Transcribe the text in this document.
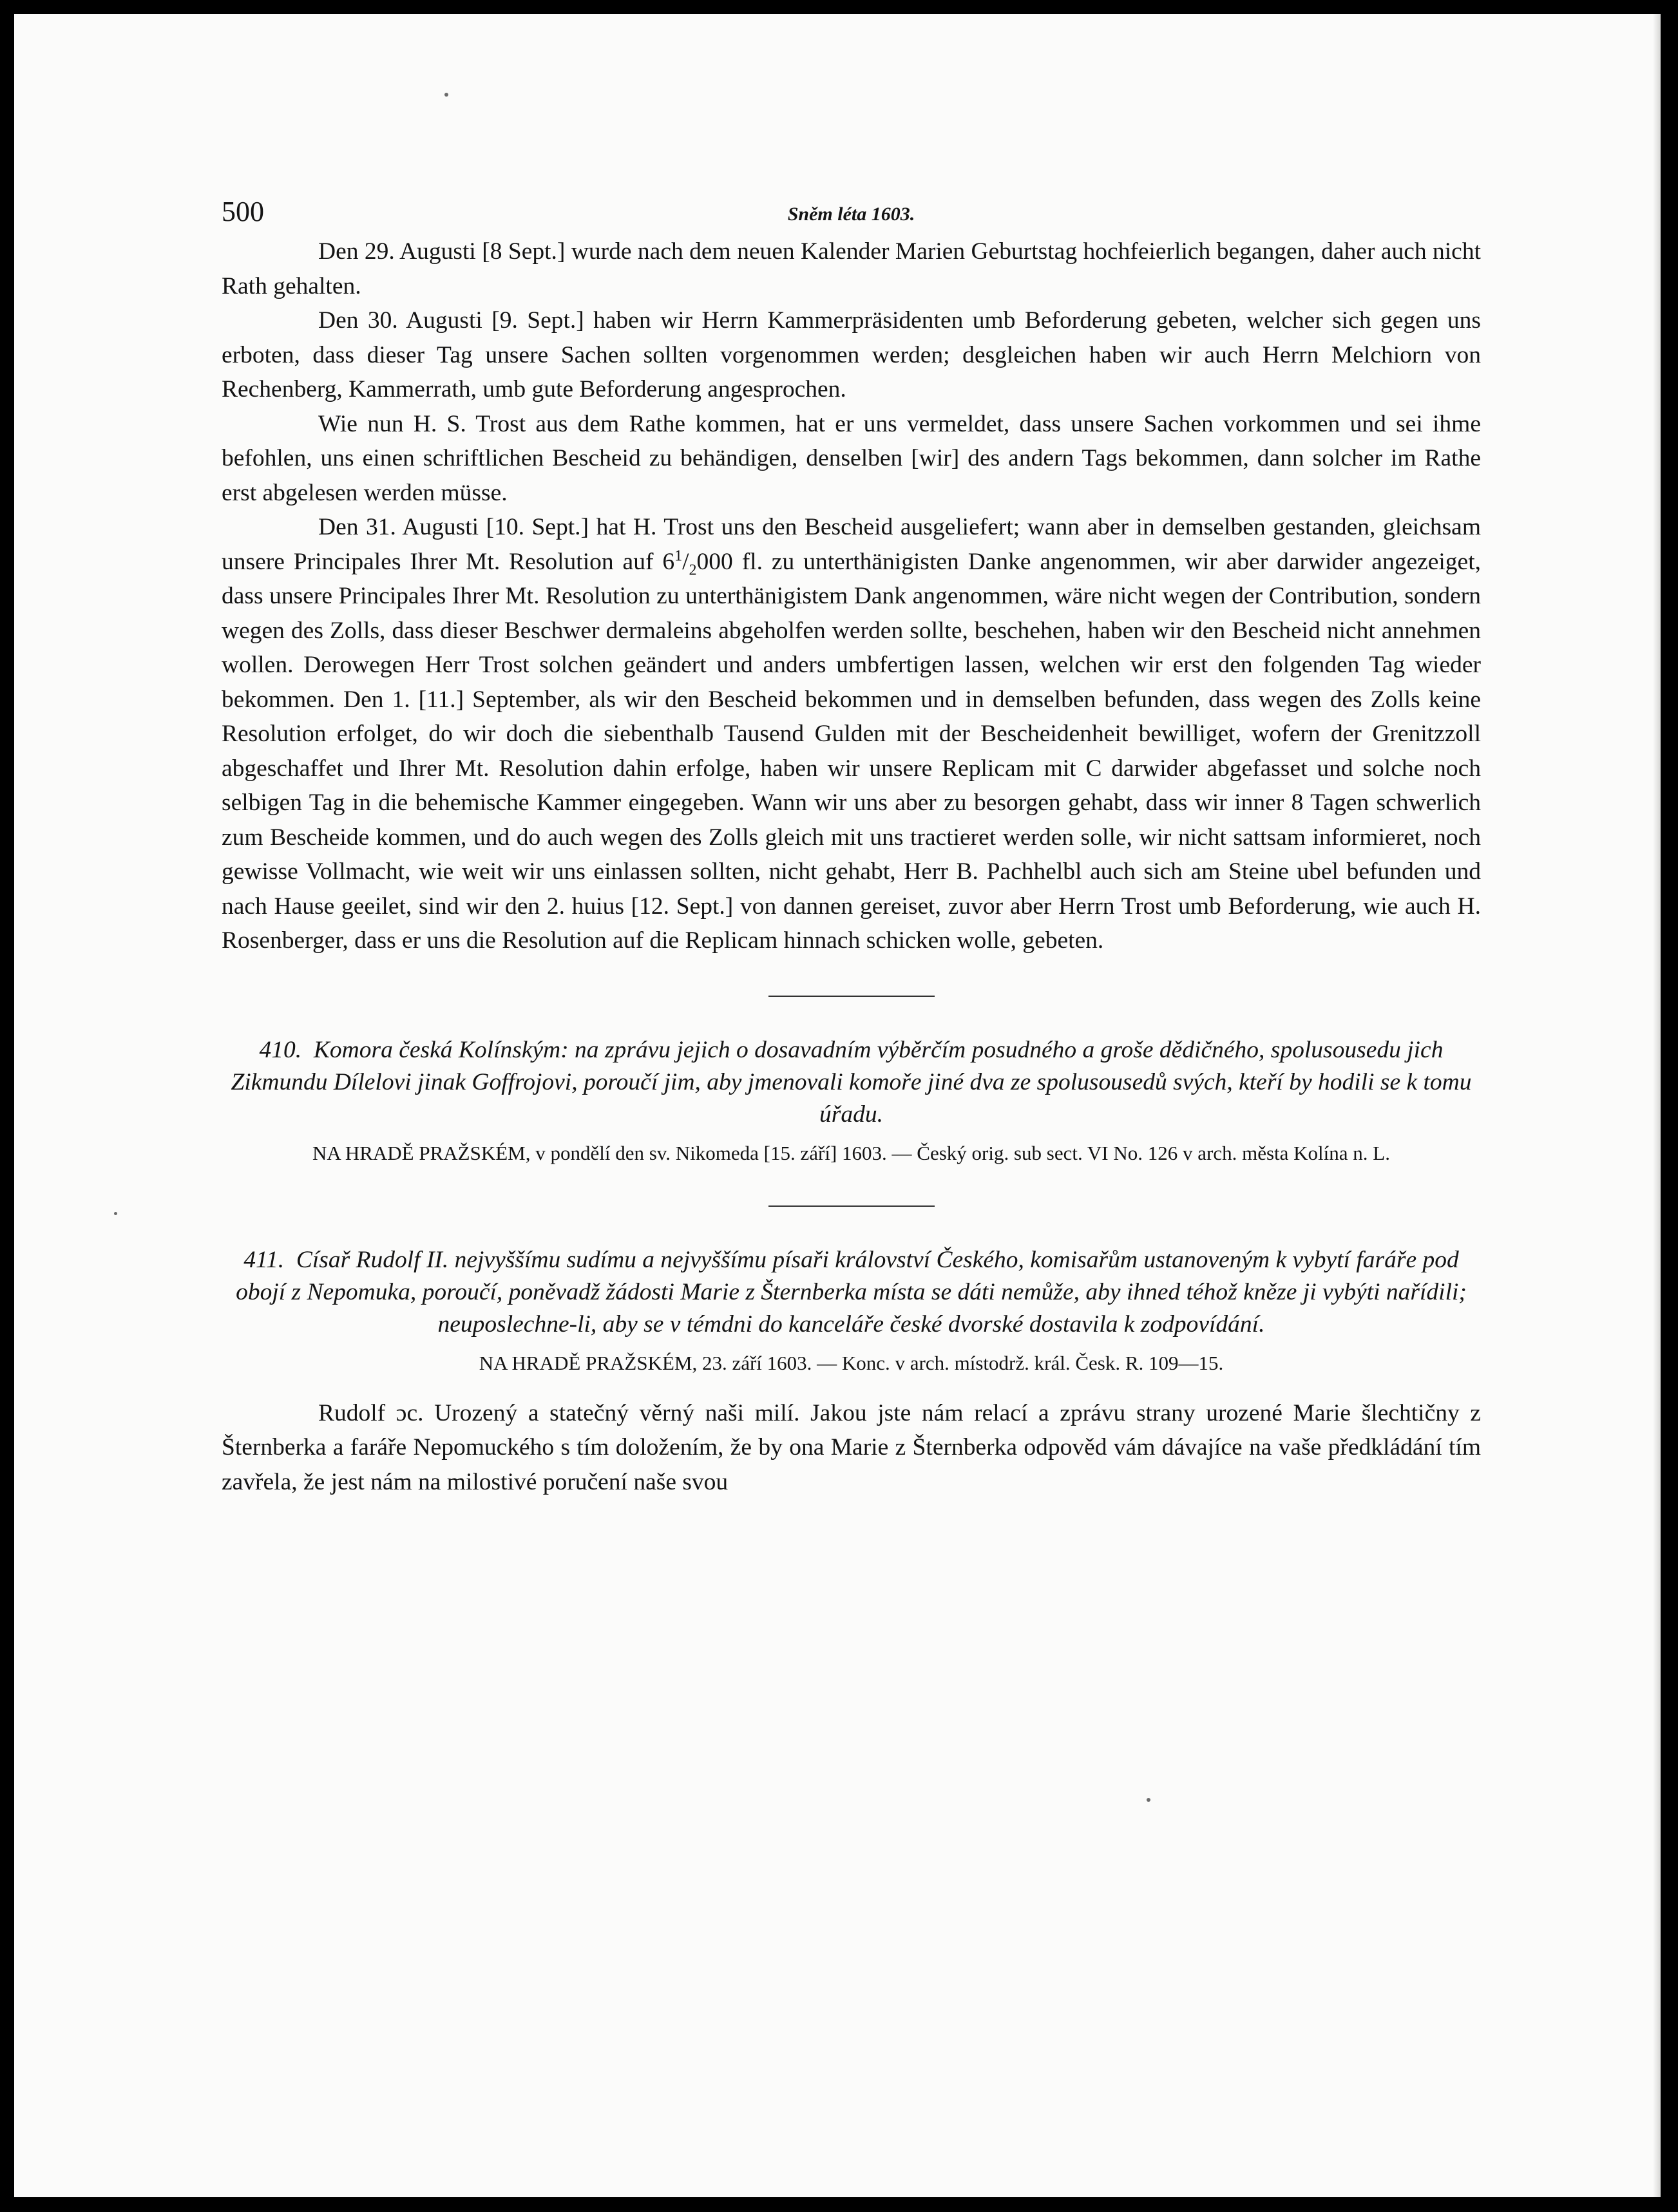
500	Sněm léta 1603.

Den 29. Augusti [8 Sept.] wurde nach dem neuen Kalender Marien Geburtstag hochfeierlich begangen, daher auch nicht Rath gehalten.

Den 30. Augusti [9. Sept.] haben wir Herrn Kammerpräsidenten umb Beforderung gebeten, welcher sich gegen uns erboten, dass dieser Tag unsere Sachen sollten vorgenommen werden; desgleichen haben wir auch Herrn Melchiorn von Rechenberg, Kammerrath, umb gute Beforderung angesprochen.

Wie nun H. S. Trost aus dem Rathe kommen, hat er uns vermeldet, dass unsere Sachen vorkommen und sei ihme befohlen, uns einen schriftlichen Bescheid zu behändigen, denselben [wir] des andern Tags bekommen, dann solcher im Rathe erst abgelesen werden müsse.

Den 31. Augusti [10. Sept.] hat H. Trost uns den Bescheid ausgeliefert; wann aber in demselben gestanden, gleichsam unsere Principales Ihrer Mt. Resolution auf $6^1/_2000$ fl. zu unterthänigisten Danke angenommen, wir aber darwider angezeiget, dass unsere Principales Ihrer Mt. Resolution zu unterthänigistem Dank angenommen, wäre nicht wegen der Contribution, sondern wegen des Zolls, dass dieser Beschwer dermaleins abgeholfen werden sollte, beschehen, haben wir den Bescheid nicht annehmen wollen. Derowegen Herr Trost solchen geändert und anders umbfertigen lassen, welchen wir erst den folgenden Tag wieder bekommen. Den 1. [11.] September, als wir den Bescheid bekommen und in demselben befunden, dass wegen des Zolls keine Resolution erfolget, do wir doch die siebenthalb Tausend Gulden mit der Bescheidenheit bewilliget, wofern der Grenitzzoll abgeschaffet und Ihrer Mt. Resolution dahin erfolge, haben wir unsere Replicam mit C darwider abgefasset und solche noch selbigen Tag in die behemische Kammer eingegeben. Wann wir uns aber zu besorgen gehabt, dass wir inner 8 Tagen schwerlich zum Bescheide kommen, und do auch wegen des Zolls gleich mit uns tractieret werden solle, wir nicht sattsam informieret, noch gewisse Vollmacht, wie weit wir uns einlassen sollten, nicht gehabt, Herr B. Pachhelbl auch sich am Steine ubel befunden und nach Hause geeilet, sind wir den 2. huius [12. Sept.] von dannen gereiset, zuvor aber Herrn Trost umb Beforderung, wie auch H. Rosenberger, dass er uns die Resolution auf die Replicam hinnach schicken wolle, gebeten.

410. Komora česká Kolínským: na zprávu jejich o dosavadním výběrčím posudného a groše dědičného, spolusousedu jich Zikmundu Dílelovi jinak Goffrojovi, poroučí jim, aby jmenovali komoře jiné dva ze spolusousedů svých, kteří by hodili se k tomu úřadu.

NA HRADĚ PRAŽSKÉM, v pondělí den sv. Nikomeda [15. září] 1603. — Český orig. sub sect. VI No. 126 v arch. města Kolína n. L.

411. Císař Rudolf II. nejvyššímu sudímu a nejvyššímu písaři království Českého, komisařům ustanoveným k vybytí faráře pod obojí z Nepomuka, poroučí, poněvadž žádosti Marie z Šternberka místa se dáti nemůže, aby ihned téhož kněze ji vybýti nařídili; neuposlechne-li, aby se v témdni do kanceláře české dvorské dostavila k zodpovídání.

NA HRADĚ PRAŽSKÉM, 23. září 1603. — Konc. v arch. místodrž. král. Česk. R. 109—15.

Rudolf ɔc. Urozený a statečný věrný naši milí. Jakou jste nám relací a zprávu strany urozené Marie šlechtičny z Šternberka a faráře Nepomuckého s tím doložením, že by ona Marie z Šternberka odpověd vám dávajíce na vaše předkládání tím zavřela, že jest nám na milostivé poručení naše svou
